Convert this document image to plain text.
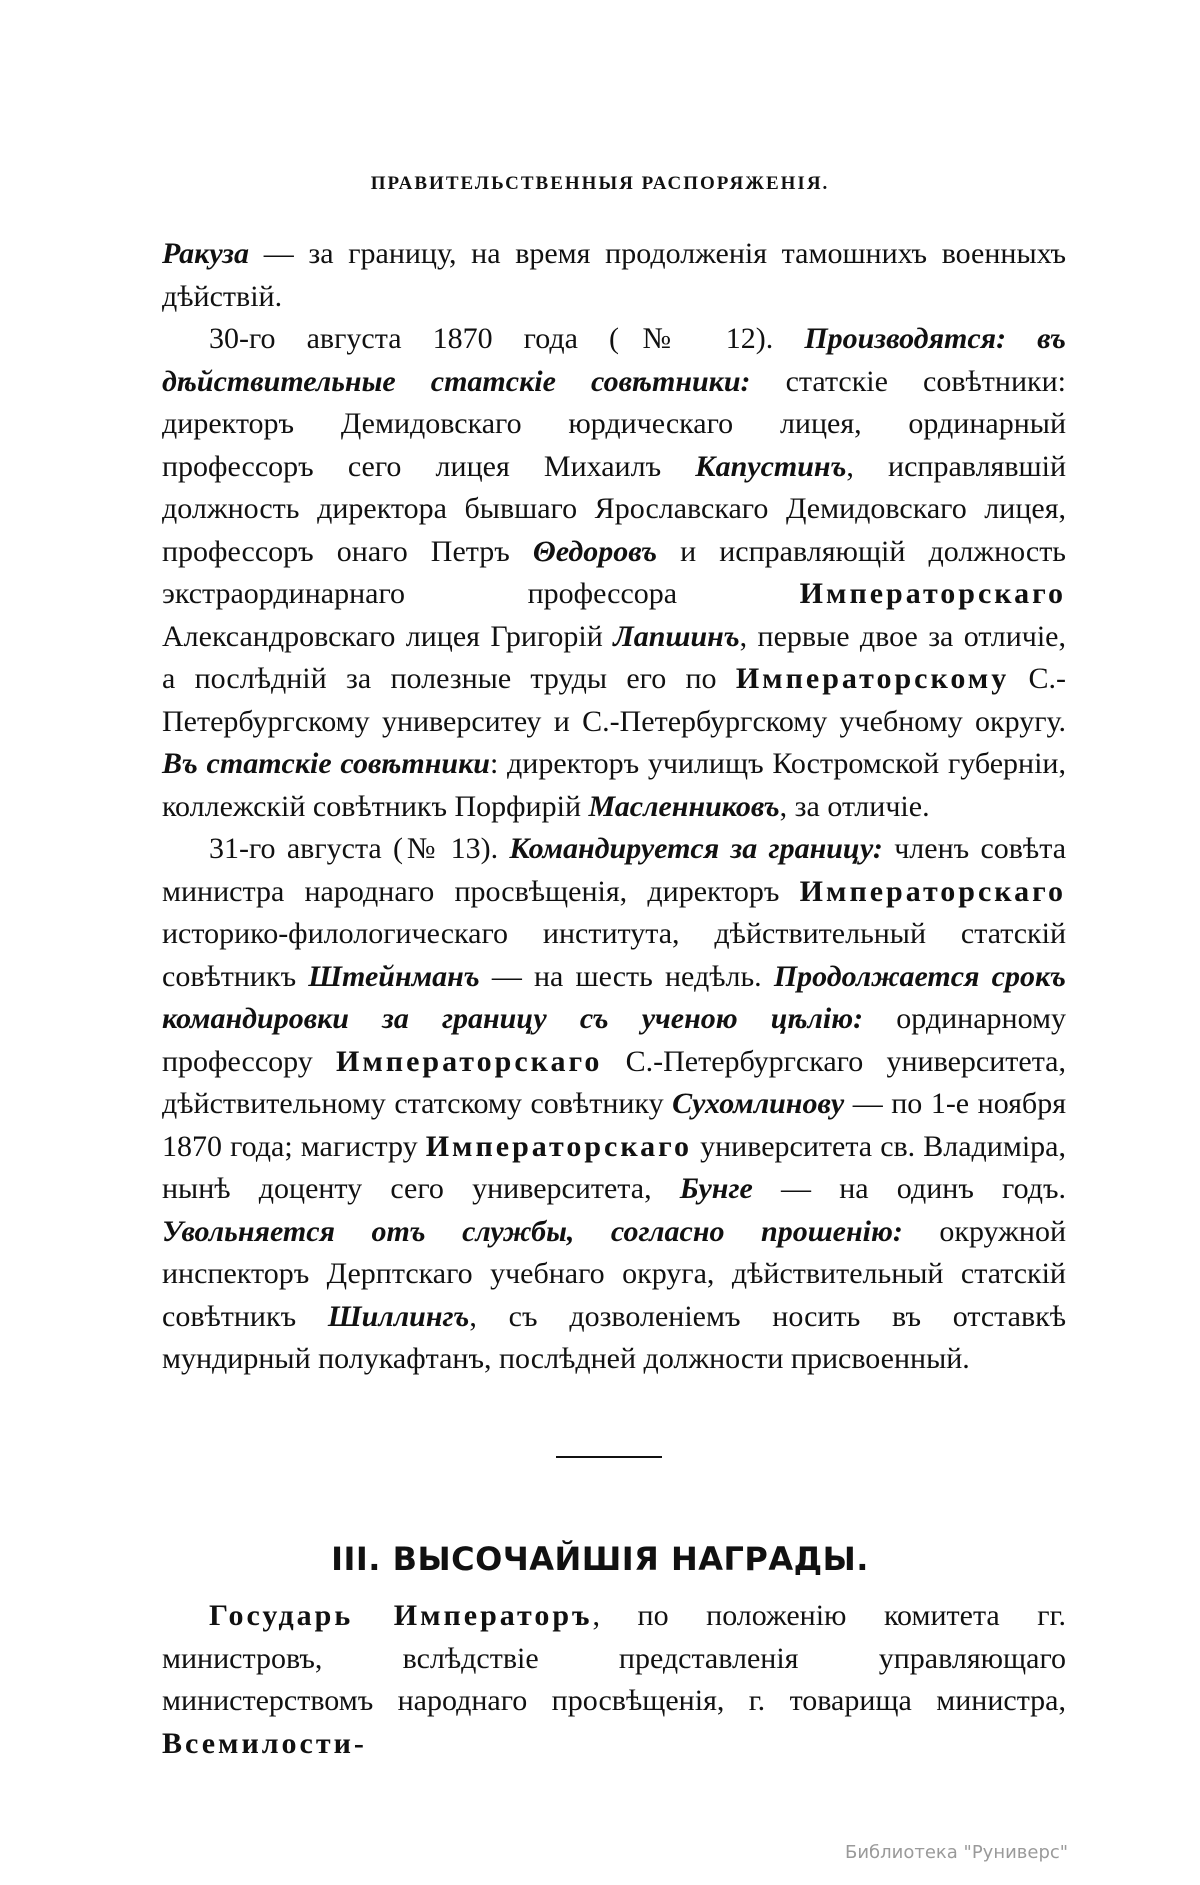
ПРАВИТЕЛЬСТВЕННЫЯ РАСПОРЯЖЕНІЯ.

Ракуза — за границу, на время продолженія тамошнихъ военныхъ дѣйствій.

30-го августа 1870 года (№ 12). Производятся: въ дѣйствительные статскіе совѣтники: статскіе совѣтники: директоръ Демидовскаго юрдическаго лицея, ординарный профессоръ сего лицея Михаилъ Капустинъ, исправлявшій должность директора бывшаго Ярославскаго Демидовскаго лицея, профессоръ онаго Петръ Θедоровъ и исправляющій должность экстраординарнаго профессора Императорскаго Александровскаго лицея Григорій Лапшинъ, первые двое за отличіе, а послѣдній за полезные труды его по Императорскому С.-Петербургскому университеу и С.-Петербургскому учебному округу. Въ статскіе совѣтники: директоръ училищъ Костромской губерніи, коллежскій совѣтникъ Порфирій Масленниковъ, за отличіе.

31-го августа (№ 13). Командируется за границу: членъ совѣта министра народнаго просвѣщенія, директоръ Императорскаго историко-филологическаго института, дѣйствительный статскій совѣтникъ Штейнманъ — на шесть недѣль. Продолжается срокъ командировки за границу съ ученою цѣлію: ординарному профессору Императорскаго С.-Петербургскаго университета, дѣйствительному статскому совѣтнику Сухомлинову — по 1-е ноября 1870 года; магистру Императорскаго университета св. Владиміра, нынѣ доценту сего университета, Бунге — на одинъ годъ. Увольняется отъ службы, согласно прошенію: окружной инспекторъ Дерптскаго учебнаго округа, дѣйствительный статскій совѣтникъ Шиллингъ, съ дозволеніемъ носить въ отставкѣ мундирный полукафтанъ, послѣдней должности присвоенный.

III. ВЫСОЧАЙШІЯ НАГРАДЫ.

Государь Императоръ, по положенію комитета гг. министровъ, вслѣдствіе представленія управляющаго министерствомъ народнаго просвѣщенія, г. товарища министра, Всемилости-

Библиотека "Руниверс"
